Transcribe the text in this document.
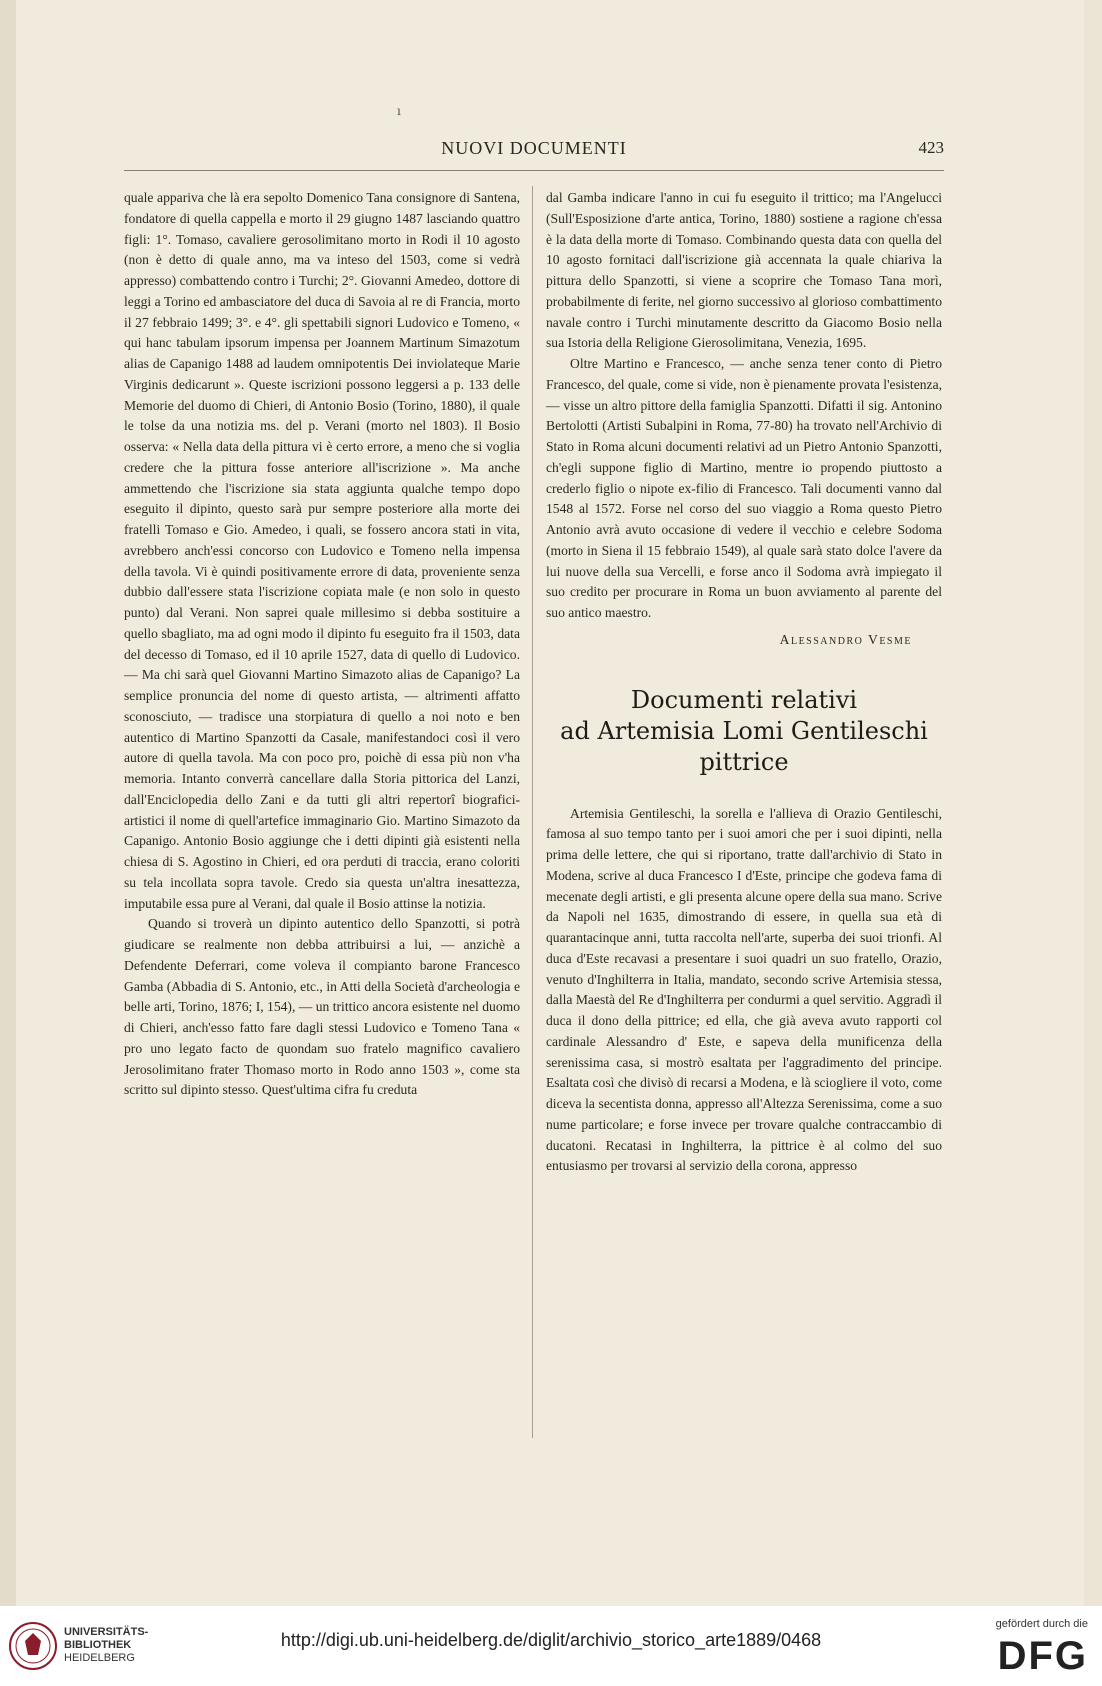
ı
NUOVI DOCUMENTI	423

quale appariva che là era sepolto Domenico Tana consignore di Santena, fondatore di quella cappella e morto il 29 giugno 1487 lasciando quattro figli: 1°. Tomaso, cavaliere gerosolimitano morto in Rodi il 10 agosto (non è detto di quale anno, ma va inteso del 1503, come si vedrà appresso) combattendo contro i Turchi; 2°. Giovanni Amedeo, dottore di leggi a Torino ed ambasciatore del duca di Savoia al re di Francia, morto il 27 febbraio 1499; 3°. e 4°. gli spettabili signori Ludovico e Tomeno, « qui hanc tabulam ipsorum impensa per Joannem Martinum Simazotum alias de Capanigo 1488 ad laudem omnipotentis Dei inviolateque Marie Virginis dedicarunt ». Queste iscrizioni possono leggersi a p. 133 delle Memorie del duomo di Chieri, di Antonio Bosio (Torino, 1880), il quale le tolse da una notizia ms. del p. Verani (morto nel 1803). Il Bosio osserva: « Nella data della pittura vi è certo errore, a meno che si voglia credere che la pittura fosse anteriore all'iscrizione ». Ma anche ammettendo che l'iscrizione sia stata aggiunta qualche tempo dopo eseguito il dipinto, questo sarà pur sempre posteriore alla morte dei fratelli Tomaso e Gio. Amedeo, i quali, se fossero ancora stati in vita, avrebbero anch'essi concorso con Ludovico e Tomeno nella impensa della tavola. Vi è quindi positivamente errore di data, proveniente senza dubbio dall'essere stata l'iscrizione copiata male (e non solo in questo punto) dal Verani. Non saprei quale millesimo si debba sostituire a quello sbagliato, ma ad ogni modo il dipinto fu eseguito fra il 1503, data del decesso di Tomaso, ed il 10 aprile 1527, data di quello di Ludovico. — Ma chi sarà quel Giovanni Martino Simazoto alias de Capanigo? La semplice pronuncia del nome di questo artista, — altrimenti affatto sconosciuto, — tradisce una storpiatura di quello a noi noto e ben autentico di Martino Spanzotti da Casale, manifestandoci così il vero autore di quella tavola. Ma con poco pro, poichè di essa più non v'ha memoria. Intanto converrà cancellare dalla Storia pittorica del Lanzi, dall'Enciclopedia dello Zani e da tutti gli altri repertorî biografici-artistici il nome di quell'artefice immaginario Gio. Martino Simazoto da Capanigo. Antonio Bosio aggiunge che i detti dipinti già esistenti nella chiesa di S. Agostino in Chieri, ed ora perduti di traccia, erano coloriti su tela incollata sopra tavole. Credo sia questa un'altra inesattezza, imputabile essa pure al Verani, dal quale il Bosio attinse la notizia.

Quando si troverà un dipinto autentico dello Spanzotti, si potrà giudicare se realmente non debba attribuirsi a lui, — anzichè a Defendente Deferrari, come voleva il compianto barone Francesco Gamba (Abbadia di S. Antonio, etc., in Atti della Società d'archeologia e belle arti, Torino, 1876; I, 154), — un trittico ancora esistente nel duomo di Chieri, anch'esso fatto fare dagli stessi Ludovico e Tomeno Tana « pro uno legato facto de quondam suo fratelo magnifico cavaliero Jerosolimitano frater Thomaso morto in Rodo anno 1503 », come sta scritto sul dipinto stesso. Quest'ultima cifra fu creduta

dal Gamba indicare l'anno in cui fu eseguito il trittico; ma l'Angelucci (Sull'Esposizione d'arte antica, Torino, 1880) sostiene a ragione ch'essa è la data della morte di Tomaso. Combinando questa data con quella del 10 agosto fornitaci dall'iscrizione già accennata la quale chiariva la pittura dello Spanzotti, si viene a scoprire che Tomaso Tana morì, probabilmente di ferite, nel giorno successivo al glorioso combattimento navale contro i Turchi minutamente descritto da Giacomo Bosio nella sua Istoria della Religione Gierosolimitana, Venezia, 1695.

Oltre Martino e Francesco, — anche senza tener conto di Pietro Francesco, del quale, come si vide, non è pienamente provata l'esistenza, — visse un altro pittore della famiglia Spanzotti. Difatti il sig. Antonino Bertolotti (Artisti Subalpini in Roma, 77-80) ha trovato nell'Archivio di Stato in Roma alcuni documenti relativi ad un Pietro Antonio Spanzotti, ch'egli suppone figlio di Martino, mentre io propendo piuttosto a crederlo figlio o nipote ex-filio di Francesco. Tali documenti vanno dal 1548 al 1572. Forse nel corso del suo viaggio a Roma questo Pietro Antonio avrà avuto occasione di vedere il vecchio e celebre Sodoma (morto in Siena il 15 febbraio 1549), al quale sarà stato dolce l'avere da lui nuove della sua Vercelli, e forse anco il Sodoma avrà impiegato il suo credito per procurare in Roma un buon avviamento al parente del suo antico maestro.

Alessandro Vesme
Documenti relativi
ad Artemisia Lomi Gentileschi pittrice

Artemisia Gentileschi, la sorella e l'allieva di Orazio Gentileschi, famosa al suo tempo tanto per i suoi amori che per i suoi dipinti, nella prima delle lettere, che qui si riportano, tratte dall'archivio di Stato in Modena, scrive al duca Francesco I d'Este, principe che godeva fama di mecenate degli artisti, e gli presenta alcune opere della sua mano. Scrive da Napoli nel 1635, dimostrando di essere, in quella sua età di quarantacinque anni, tutta raccolta nell'arte, superba dei suoi trionfi. Al duca d'Este recavasi a presentare i suoi quadri un suo fratello, Orazio, venuto d'Inghilterra in Italia, mandato, secondo scrive Artemisia stessa, dalla Maestà del Re d'Inghilterra per condurmi a quel servitio. Aggradì il duca il dono della pittrice; ed ella, che già aveva avuto rapporti col cardinale Alessandro d' Este, e sapeva della munificenza della serenissima casa, si mostrò esaltata per l'aggradimento del principe. Esaltata così che divisò di recarsi a Modena, e là sciogliere il voto, come diceva la secentista donna, appresso all'Altezza Serenissima, come a suo nume particolare; e forse invece per trovare qualche contraccambio di ducatoni. Recatasi in Inghilterra, la pittrice è al colmo del suo entusiasmo per trovarsi al servizio della corona, appresso

UNIVERSITÄTS-
BIBLIOTHEK
HEIDELBERG
http://digi.ub.uni-heidelberg.de/diglit/archivio_storico_arte1889/0468
gefördert durch die
DFG
